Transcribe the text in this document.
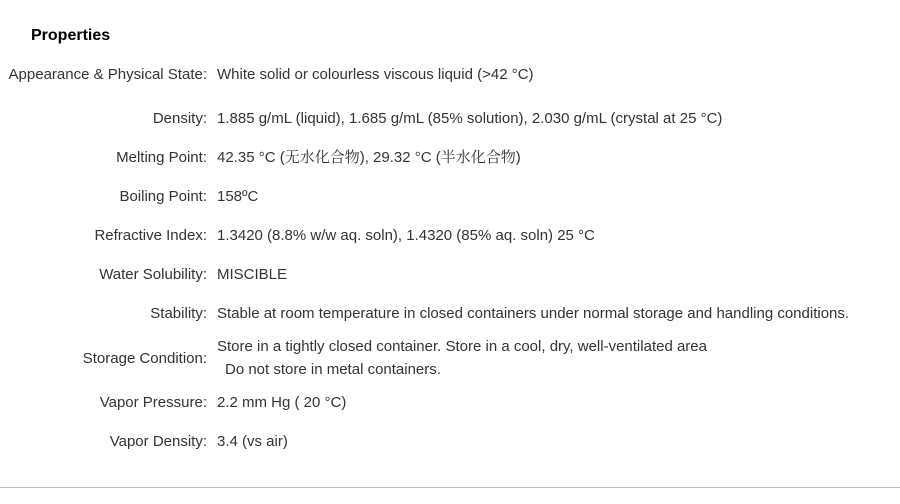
Properties
Appearance & Physical State:	White solid or colourless viscous liquid (>42 °C)
Density:	1.885 g/mL (liquid), 1.685 g/mL (85% solution), 2.030 g/mL (crystal at 25 °C)
Melting Point:	42.35 °C (无水化合物), 29.32 °C (半水化合物)
Boiling Point:	158ºC
Refractive Index:	1.3420 (8.8% w/w aq. soln), 1.4320 (85% aq. soln) 25 °C
Water Solubility:	MISCIBLE
Stability:	Stable at room temperature in closed containers under normal storage and handling conditions.
Storage Condition:	Store in a tightly closed container. Store in a cool, dry, well-ventilated area
Do not store in metal containers.

Vapor Pressure:	2.2 mm Hg ( 20 °C)
Vapor Density:	3.4 (vs air)
